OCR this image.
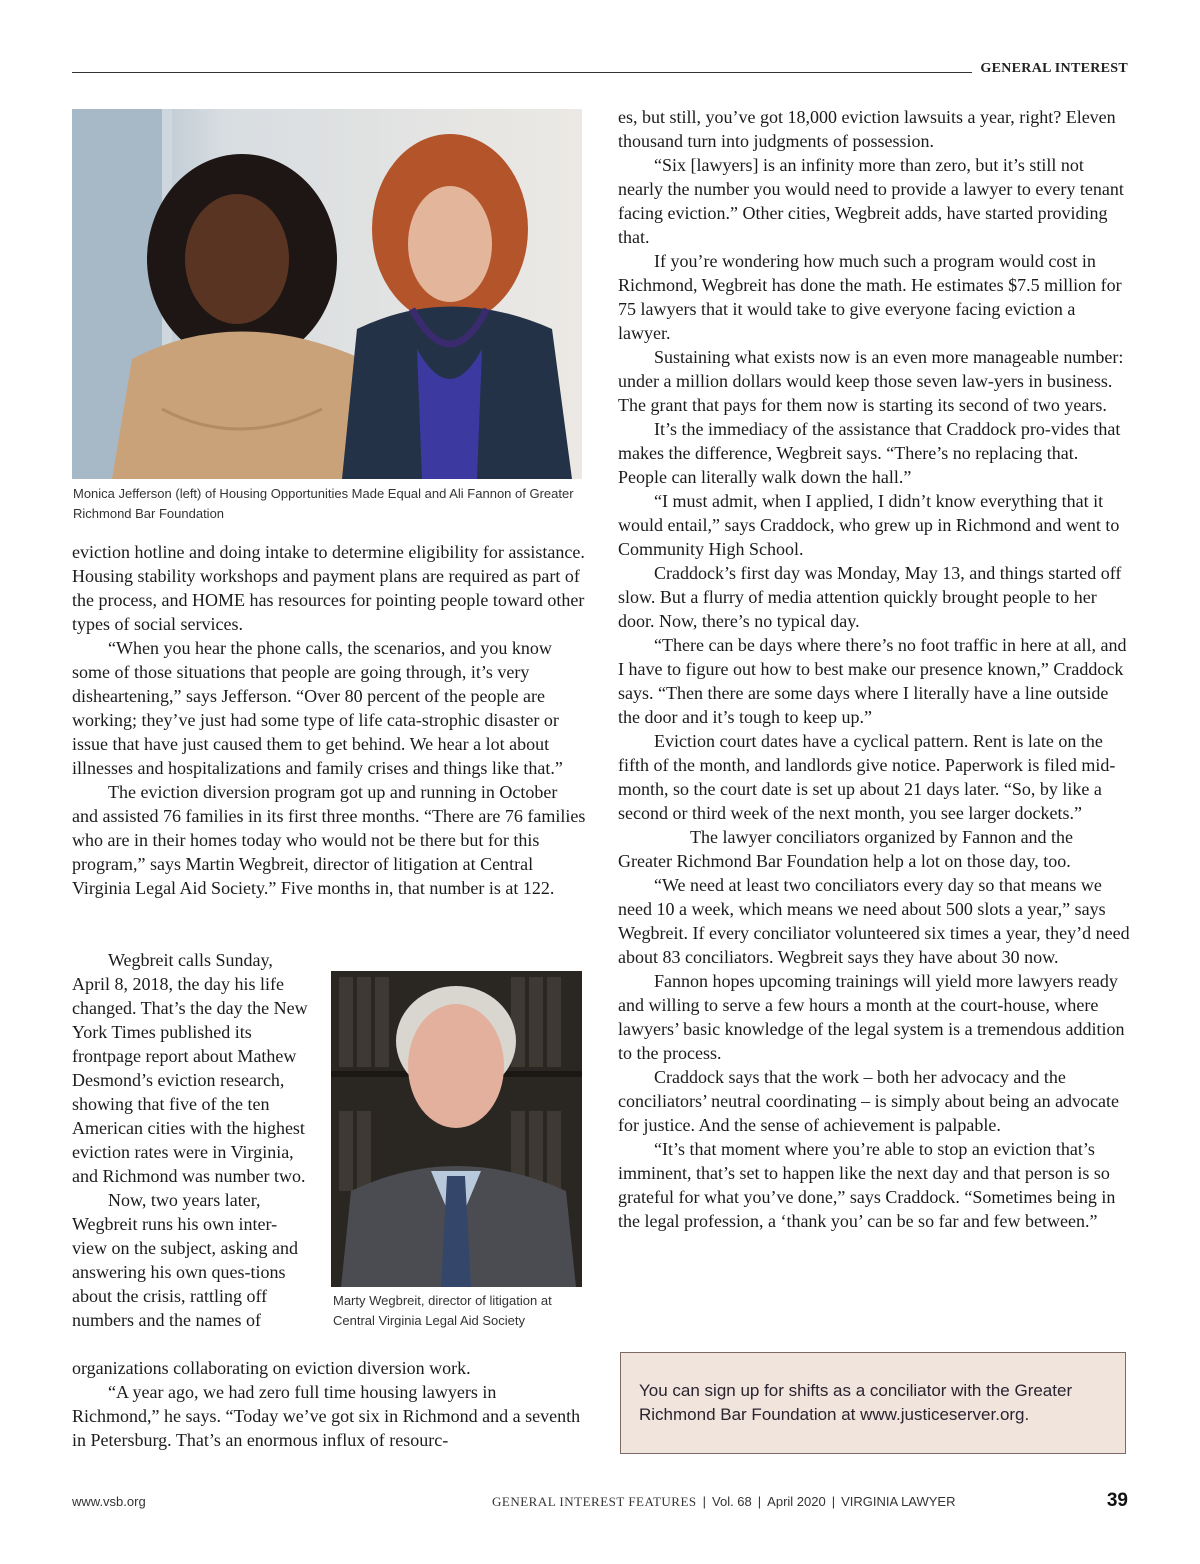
GENERAL INTEREST
Monica Jefferson (left) of Housing Opportunities Made Equal and Ali Fannon of Greater
Richmond Bar Foundation
Marty Wegbreit, director of litigation at
Central Virginia Legal Aid Society

eviction hotline and doing intake to determine eligibility for assistance. Housing stability workshops and payment plans are required as part of the process, and HOME has resources for pointing people toward other types of social services.

“When you hear the phone calls, the scenarios, and you know some of those situations that people are going through, it’s very disheartening,” says Jefferson. “Over 80 percent of the people are working; they’ve just had some type of life cata-strophic disaster or issue that have just caused them to get behind. We hear a lot about illnesses and hospitalizations and family crises and things like that.”

The eviction diversion program got up and running in October and assisted 76 families in its first three months. “There are 76 families who are in their homes today who would not be there but for this program,” says Martin Wegbreit, director of litigation at Central Virginia Legal Aid Society.” Five months in, that number is at 122.

Wegbreit calls Sunday, April 8, 2018, the day his life changed. That’s the day the New York Times published its frontpage report about Mathew Desmond’s eviction research, showing that five of the ten American cities with the highest eviction rates were in Virginia, and Richmond was number two.

Now, two years later, Wegbreit runs his own inter-view on the subject, asking and answering his own ques-tions about the crisis, rattling off numbers and the names of

organizations collaborating on eviction diversion work.

“A year ago, we had zero full time housing lawyers in Richmond,” he says. “Today we’ve got six in Richmond and a seventh in Petersburg. That’s an enormous influx of resourc-

es, but still, you’ve got 18,000 eviction lawsuits a year, right? Eleven thousand turn into judgments of possession.

“Six [lawyers] is an infinity more than zero, but it’s still not nearly the number you would need to provide a lawyer to every tenant facing eviction.” Other cities, Wegbreit adds, have started providing that.

If you’re wondering how much such a program would cost in Richmond, Wegbreit has done the math. He estimates $7.5 million for 75 lawyers that it would take to give everyone facing eviction a lawyer.

Sustaining what exists now is an even more manageable number: under a million dollars would keep those seven law-yers in business. The grant that pays for them now is starting its second of two years.

It’s the immediacy of the assistance that Craddock pro-vides that makes the difference, Wegbreit says. “There’s no replacing that. People can literally walk down the hall.”

“I must admit, when I applied, I didn’t know everything that it would entail,” says Craddock, who grew up in Richmond and went to Community High School.

Craddock’s first day was Monday, May 13, and things started off slow. But a flurry of media attention quickly brought people to her door. Now, there’s no typical day.

“There can be days where there’s no foot traffic in here at all, and I have to figure out how to best make our presence known,” Craddock says. “Then there are some days where I literally have a line outside the door and it’s tough to keep up.”

Eviction court dates have a cyclical pattern. Rent is late on the fifth of the month, and landlords give notice. Paperwork is filed mid-month, so the court date is set up about 21 days later. “So, by like a second or third week of the next month, you see larger dockets.”

The lawyer conciliators organized by Fannon and the Greater Richmond Bar Foundation help a lot on those day, too.

“We need at least two conciliators every day so that means we need 10 a week, which means we need about 500 slots a year,” says Wegbreit. If every conciliator volunteered six times a year, they’d need about 83 conciliators. Wegbreit says they have about 30 now.

Fannon hopes upcoming trainings will yield more lawyers ready and willing to serve a few hours a month at the court-house, where lawyers’ basic knowledge of the legal system is a tremendous addition to the process.

Craddock says that the work – both her advocacy and the conciliators’ neutral coordinating – is simply about being an advocate for justice. And the sense of achievement is palpable.

“It’s that moment where you’re able to stop an eviction that’s imminent, that’s set to happen like the next day and that person is so grateful for what you’ve done,” says Craddock. “Sometimes being in the legal profession, a ‘thank you’ can be so far and few between.”

You can sign up for shifts as a conciliator with the Greater Richmond Bar Foundation at www.justiceserver.org.
www.vsb.org	GENERAL INTEREST FEATURES | Vol. 68 | April 2020 | VIRGINIA LAWYER	39
